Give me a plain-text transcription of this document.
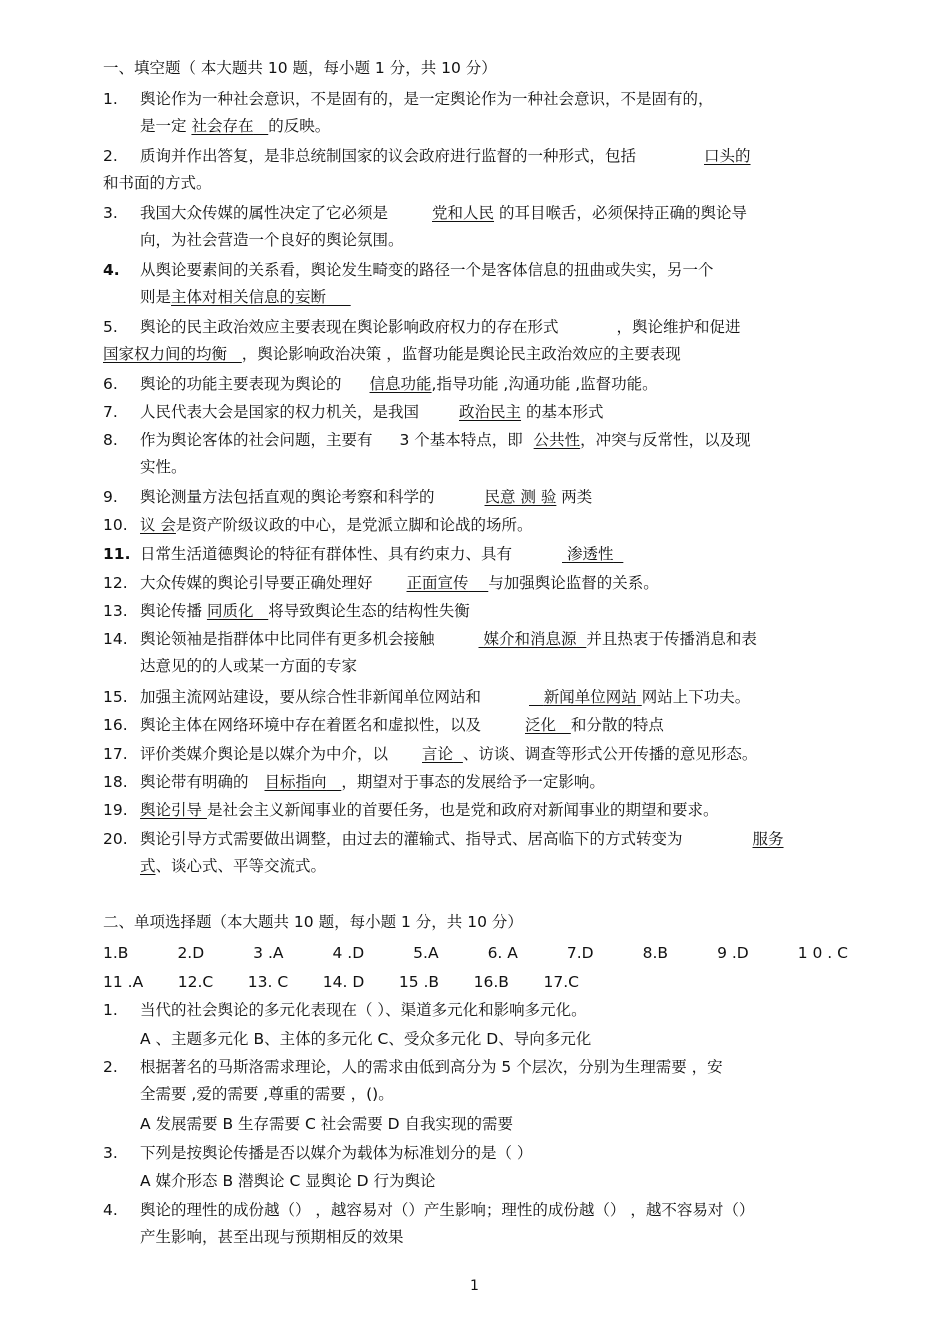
一、填空题（ 本大题共 10 题，每小题 1 分，共 10 分）
1. 舆论作为一种社会意识，不是固有的，是一定舆论作为一种社会意识，不是固有的，
是一定 社会存在 的反映。
2. 质询并作出答复，是非总统制国家的议会政府进行监督的一种形式，包括	口头的
和书面的方式。
3. 我国大众传媒的属性决定了它必须是	党和人民 的耳目喉舌，必须保持正确的舆论导
向，为社会营造一个良好的舆论氛围。
4. 从舆论要素间的关系看，舆论发生畸变的路径一个是客体信息的扭曲或失实，另一个
则是主体对相关信息的妄断
5. 舆论的民主政治效应主要表现在舆论影响政府权力的存在形式	，舆论维护和促进
国家权力间的均衡 ，舆论影响政治决策 ，监督功能是舆论民主政治效应的主要表现
6. 舆论的功能主要表现为舆论的 信息功能,指导功能 ,沟通功能 ,监督功能。
7. 人民代表大会是国家的权力机关，是我国	政治民主 的基本形式
8. 作为舆论客体的社会问题，主要有 3 个基本特点，即 公共性，冲突与反常性，以及现
实性。
9. 舆论测量方法包括直观的舆论考察和科学的	民意 测 验 两类
10. 议 会是资产阶级议政的中心，是党派立脚和论战的场所。
11. 日常生活道德舆论的特征有群体性、具有约束力、具有	渗透性
12. 大众传媒的舆论引导要正确处理好 正面宣传 与加强舆论监督的关系。
13. 舆论传播 同质化 将导致舆论生态的结构性失衡
14. 舆论领袖是指群体中比同伴有更多机会接触	媒介和消息源 并且热衷于传播消息和表
达意见的的人或某一方面的专家
15. 加强主流网站建设，要从综合性非新闻单位网站和	新闻单位网站 网站上下功夫。
16. 舆论主体在网络环境中存在着匿名和虚拟性，以及	泛化 和分散的特点
17. 评价类媒介舆论是以媒介为中介，以 言论 、访谈、调查等形式公开传播的意见形态。
18. 舆论带有明确的 目标指向 ，期望对于事态的发展给予一定影响。
19. 舆论引导 是社会主义新闻事业的首要任务，也是党和政府对新闻事业的期望和要求。
20. 舆论引导方式需要做出调整，由过去的灌输式、指导式、居高临下的方式转变为	服务
式、谈心式、平等交流式。
二、单项选择题（本大题共 10 题，每小题 1 分，共 10 分）
1.B	2.D	3 .A	4 .D	5.A	6. A	7.D	8.B	9 .D	1 0 . C
11 .A 12.C 13. C 14. D 15 .B 16.B 17.C
1. 当代的社会舆论的多元化表现在（ ）、渠道多元化和影响多元化。
A 、主题多元化 B、主体的多元化 C、受众多元化 D、导向多元化
2. 根据著名的马斯洛需求理论，人的需求由低到高分为 5 个层次，分别为生理需要 ，安
全需要 ,爱的需要 ,尊重的需要 ，()。
A 发展需要 B 生存需要 C 社会需要 D 自我实现的需要
3. 下列是按舆论传播是否以媒介为载体为标准划分的是（ ）
A 媒介形态 B 潜舆论 C 显舆论 D 行为舆论
4. 舆论的理性的成份越（） ，越容易对（）产生影响；理性的成份越（） ，越不容易对（）
产生影响，甚至出现与预期相反的效果
1
